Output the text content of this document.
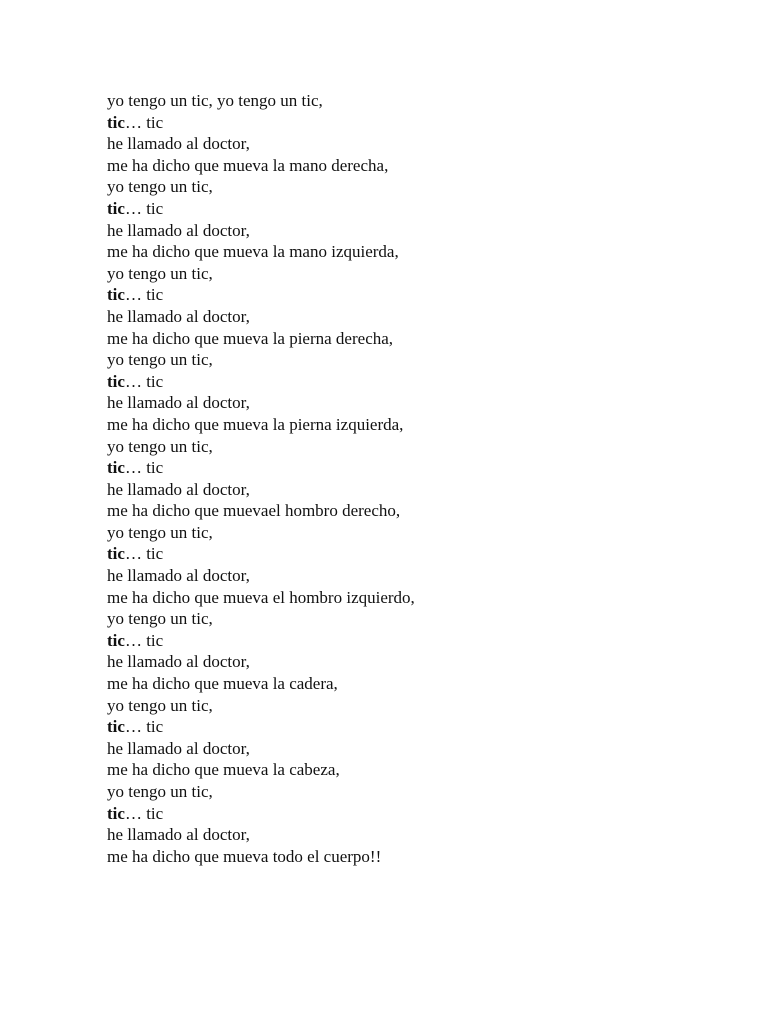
yo tengo un tic, yo tengo un tic,
tic… tic
he llamado al doctor,
me ha dicho que mueva la mano derecha,
yo tengo un tic,
tic… tic
he llamado al doctor,
me ha dicho que mueva la mano izquierda,
yo tengo un tic,
tic… tic
he llamado al doctor,
me ha dicho que mueva la pierna derecha,
yo tengo un tic,
tic… tic
he llamado al doctor,
me ha dicho que mueva la pierna izquierda,
yo tengo un tic,
tic… tic
he llamado al doctor,
me ha dicho que muevael hombro derecho,
yo tengo un tic,
tic… tic
he llamado al doctor,
me ha dicho que mueva el hombro izquierdo,
yo tengo un tic,
tic… tic
he llamado al doctor,
me ha dicho que mueva la cadera,
yo tengo un tic,
tic… tic
he llamado al doctor,
me ha dicho que mueva la cabeza,
yo tengo un tic,
tic… tic
he llamado al doctor,
me ha dicho que mueva todo el cuerpo!!
